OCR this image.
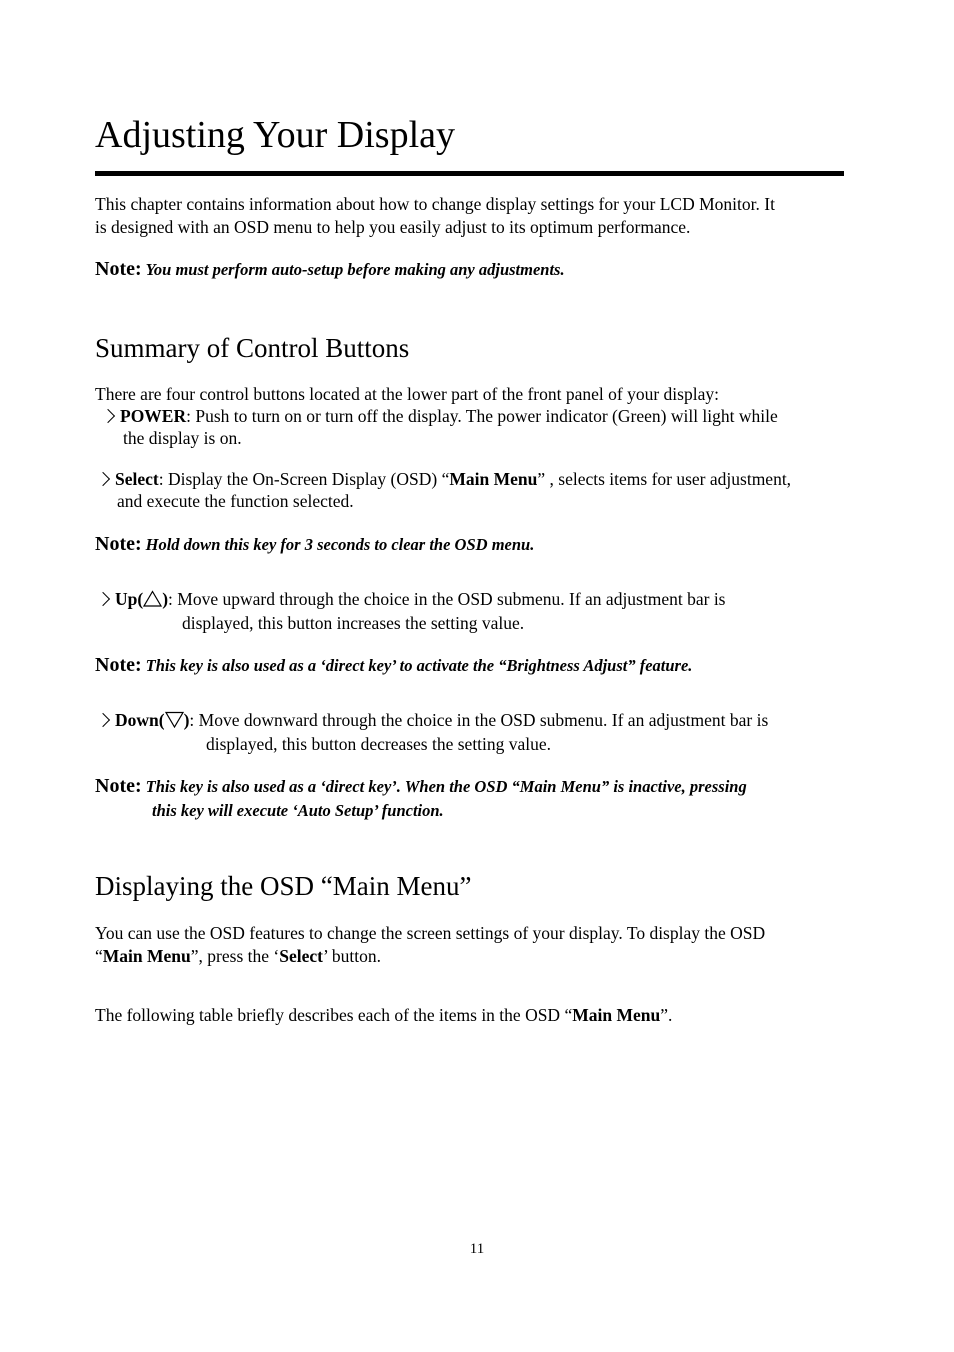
Adjusting Your Display
This chapter contains information about how to change display settings for your LCD Monitor. It
is designed with an OSD menu to help you easily adjust to its optimum performance.
Note: You must perform auto-setup before making any adjustments.
Summary of Control Buttons
There are four control buttons located at the lower part of the front panel of your display:
POWER: Push to turn on or turn off the display. The power indicator (Green) will light while
the display is on.
Select: Display the On-Screen Display (OSD) “Main Menu” , selects items for user adjustment,
and execute the function selected.
Note: Hold down this key for 3 seconds to clear the OSD menu.
Up( ): Move upward through the choice in the OSD submenu. If an adjustment bar is
displayed, this button increases the setting value.
Note: This key is also used as a ‘direct key’ to activate the “Brightness Adjust” feature.
Down( ): Move downward through the choice in the OSD submenu. If an adjustment bar is
displayed, this button decreases the setting value.
Note: This key is also used as a ‘direct key’. When the OSD “Main Menu” is inactive, pressing
this key will execute ‘Auto Setup’ function.
Displaying the OSD “Main Menu”
You can use the OSD features to change the screen settings of your display. To display the OSD
“Main Menu”, press the ‘Select’ button.
The following table briefly describes each of the items in the OSD “Main Menu”.
11
